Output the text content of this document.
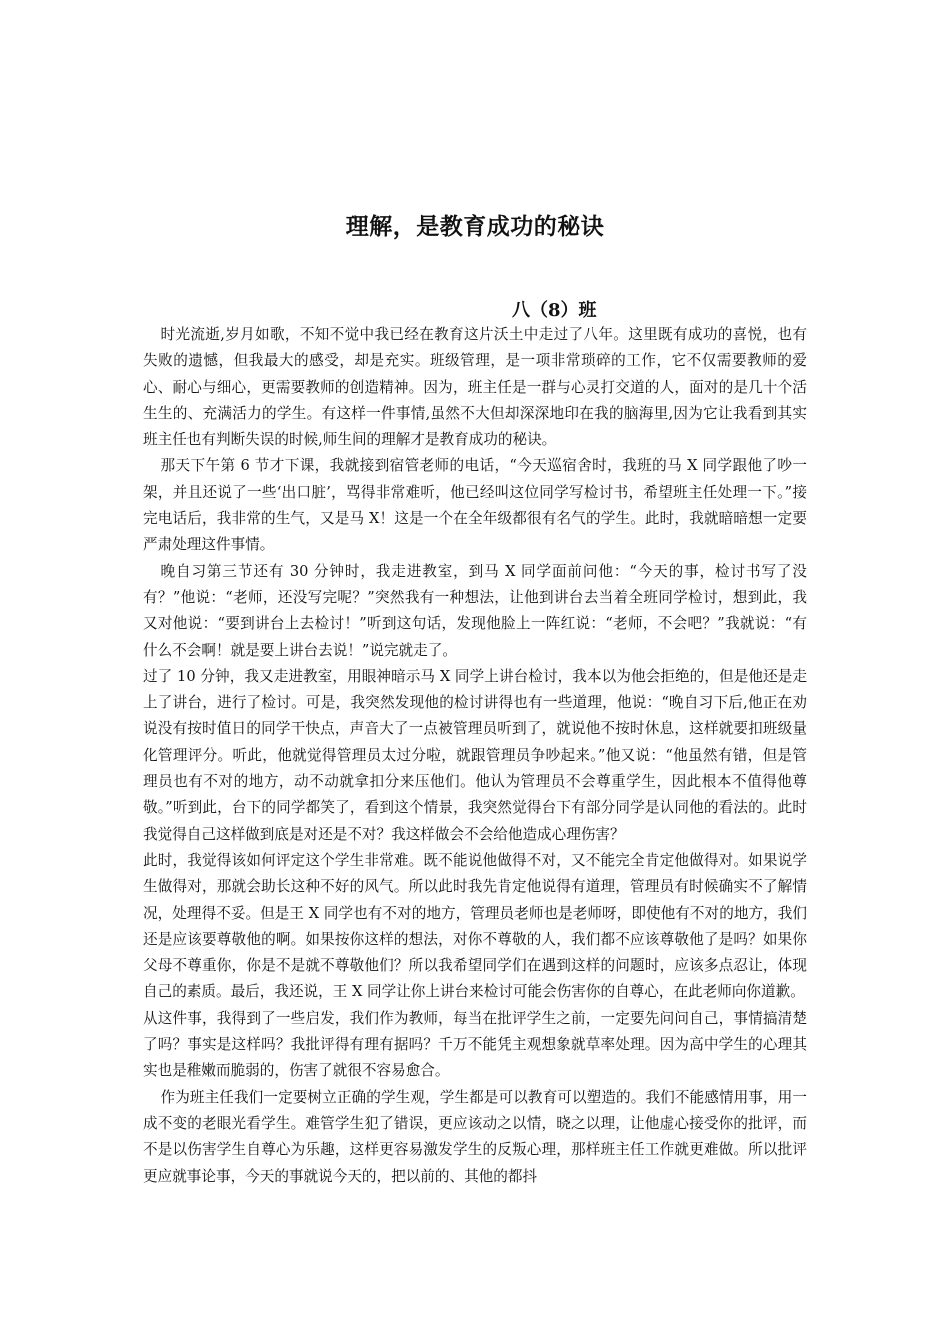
理解，是教育成功的秘诀
八（8）班

时光流逝,岁月如歌，不知不觉中我已经在教育这片沃土中走过了八年。这里既有成功的喜悦，也有失败的遗憾，但我最大的感受，却是充实。班级管理，是一项非常琐碎的工作，它不仅需要教师的爱心、耐心与细心，更需要教师的创造精神。因为，班主任是一群与心灵打交道的人，面对的是几十个活生生的、充满活力的学生。有这样一件事情,虽然不大但却深深地印在我的脑海里,因为它让我看到其实班主任也有判断失误的时候,师生间的理解才是教育成功的秘诀。

那天下午第 6 节才下课，我就接到宿管老师的电话，“今天巡宿舍时，我班的马 X 同学跟他了吵一架，并且还说了一些‘出口脏’，骂得非常难听，他已经叫这位同学写检讨书，希望班主任处理一下。”接完电话后，我非常的生气，又是马 X！这是一个在全年级都很有名气的学生。此时，我就暗暗想一定要严肃处理这件事情。

晚自习第三节还有 30 分钟时，我走进教室，到马 X 同学面前问他：“今天的事，检讨书写了没有？”他说：“老师，还没写完呢？”突然我有一种想法，让他到讲台去当着全班同学检讨，想到此，我又对他说：“要到讲台上去检讨！”听到这句话，发现他脸上一阵红说：“老师，不会吧？”我就说：“有什么不会啊！就是要上讲台去说！”说完就走了。

过了 10 分钟，我又走进教室，用眼神暗示马 X 同学上讲台检讨，我本以为他会拒绝的，但是他还是走上了讲台，进行了检讨。可是，我突然发现他的检讨讲得也有一些道理，他说：“晚自习下后,他正在劝说没有按时值日的同学干快点，声音大了一点被管理员听到了，就说他不按时休息，这样就要扣班级量化管理评分。听此，他就觉得管理员太过分啦，就跟管理员争吵起来。”他又说：“他虽然有错，但是管理员也有不对的地方，动不动就拿扣分来压他们。他认为管理员不会尊重学生，因此根本不值得他尊敬。”听到此，台下的同学都笑了，看到这个情景，我突然觉得台下有部分同学是认同他的看法的。此时我觉得自己这样做到底是对还是不对？我这样做会不会给他造成心理伤害？

此时，我觉得该如何评定这个学生非常难。既不能说他做得不对，又不能完全肯定他做得对。如果说学生做得对，那就会助长这种不好的风气。所以此时我先肯定他说得有道理，管理员有时候确实不了解情况，处理得不妥。但是王 X 同学也有不对的地方，管理员老师也是老师呀，即使他有不对的地方，我们还是应该要尊敬他的啊。如果按你这样的想法，对你不尊敬的人，我们都不应该尊敬他了是吗？如果你父母不尊重你，你是不是就不尊敬他们？所以我希望同学们在遇到这样的问题时，应该多点忍让，体现自己的素质。最后，我还说，王 X 同学让你上讲台来检讨可能会伤害你的自尊心，在此老师向你道歉。

从这件事，我得到了一些启发，我们作为教师，每当在批评学生之前，一定要先问问自己，事情搞清楚了吗？事实是这样吗？我批评得有理有据吗？千万不能凭主观想象就草率处理。因为高中学生的心理其实也是稚嫩而脆弱的，伤害了就很不容易愈合。

作为班主任我们一定要树立正确的学生观，学生都是可以教育可以塑造的。我们不能感情用事，用一成不变的老眼光看学生。难管学生犯了错误，更应该动之以情，晓之以理，让他虚心接受你的批评，而不是以伤害学生自尊心为乐趣，这样更容易激发学生的反叛心理，那样班主任工作就更难做。所以批评更应就事论事，今天的事就说今天的，把以前的、其他的都抖
